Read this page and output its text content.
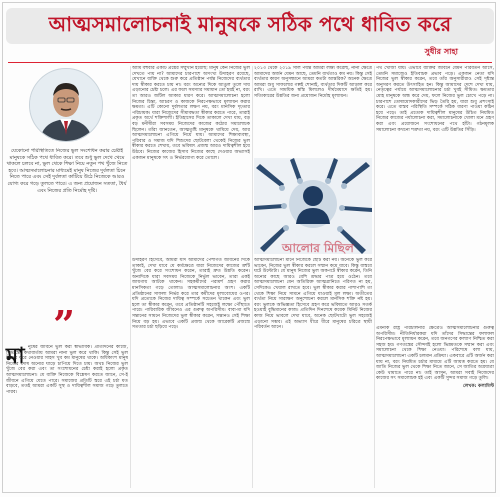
আত্মসমালোচনাই মানুষকে সঠিক পথে ধাবিত করে
সুধীর সাহা

যেকোনো পরিস্থিতিতে নিজের ভুল সংশোধন করার চেষ্টাই মানুষকে সঠিক পথে ধাবিত করে। তবে শুধু ভুল দেখে থেমে থাকলে চলবে না, ভুল থেকে শিক্ষা নিয়ে নতুন পথ খুঁজে নিতে হবে। আত্মসমালোচনার মাধ্যমেই মানুষ নিজের দুর্বলতা চিনে নিতে পারে এবং সেই দুর্বলতা কাটিয়ে উঠে নিজেকে আরও যোগ্য করে গড়ে তুলতে পারে। এ জন্য প্রয়োজন সততা, ধৈর্য এবং নিজের প্রতি নির্মোহ দৃষ্টি।

”
মা নুষের জীবনে ভুল করা স্বাভাবিক। প্রতিদিনের কাজে, সিদ্ধান্তে, কথাবার্তায় আমরা নানা ভুল করে থাকি। কিন্তু সেই ভুল স্বীকার করে নেওয়ার সাহস খুব কম মানুষের থাকে। অধিকাংশ মানুষ নিজের দোষ অন্যের ঘাড়ে চাপিয়ে দিতে চায়। অথচ নিজের ভুল খুঁজে বের করা এবং তা সংশোধনের চেষ্টা করাই হলো প্রকৃত আত্মসমালোচনা। যে ব্যক্তি নিজেকে বিশ্লেষণ করতে জানে, সে-ই জীবনে এগিয়ে যেতে পারে। সমাজের প্রতিটি স্তরে এই চর্চা যত বাড়বে, ততই আমরা একটি সুস্থ ও দায়িত্বশীল সমাজ গড়ে তুলতে পারব।

আমি বহুবার একটি প্রশ্নের সম্মুখীন হয়েছি: মানুষ কেন নিজের ভুল দেখতে পায় না? আমাদের চারপাশে অসংখ্য উদাহরণ রয়েছে, যেখানে ব্যক্তি থেকে শুরু করে প্রতিষ্ঠান পর্যন্ত নিজেদের ব্যর্থতার দায় স্বীকার করতে চায় না। বরং অন্যের দিকে আঙুল তুলে দায় এড়ানোর চেষ্টা চলে। এর ফলে সমস্যার সমাধান তো হয়ই না, বরং তা আরও জটিল আকার ধারণ করে। আত্মসমালোচনা হলো নিজের চিন্তা, আচরণ ও কাজকে নিরপেক্ষভাবে মূল্যায়ন করার ক্ষমতা। এটি কোনো দুর্বলতার লক্ষণ নয়, বরং মানসিক দৃঢ়তার পরিচায়ক। যারা নিজেদের সীমাবদ্ধতা স্বীকার করতে পারে, তারাই প্রকৃত অর্থে শক্তিশালী। ইতিহাসের দিকে তাকালে দেখা যায়, বড় বড় মনীষীরা সবসময় নিজেদের কাজের কঠোর সমালোচক ছিলেন। তাঁরা জানতেন, আত্মতুষ্টি মানুষকে থামিয়ে দেয়, আর আত্মসমালোচনা এগিয়ে নিয়ে যায়। আমাদের শিক্ষাব্যবস্থা, পরিবার ও সমাজ যদি শিশুদের ছোটবেলা থেকেই নিজের ভুল স্বীকার করতে শেখায়, তবে ভবিষ্যৎ প্রজন্ম আরও দায়িত্বশীল হয়ে উঠবে। নিজের কাজের হিসাব নিজের কাছে দেওয়ার অভ্যাসই একজন মানুষকে সৎ ও নির্ভরযোগ্য করে তোলে।

২০১৩ থেকে ২০১৯ সাল পর্যন্ত আমরা লক্ষ্য করেছি, নানা ক্ষেত্রে আমাদের অর্জন যেমন আছে, তেমনি ব্যর্থতাও কম নয়। কিন্তু সেই ব্যর্থতার কারণ অনুসন্ধানে আমরা কতটা আন্তরিক? অনেক ক্ষেত্রে আমরা শুধু সাফল্যের গল্পই শোনাই, ব্যর্থতার দিকটি আড়াল করে রাখি। এতে সাময়িক স্বস্তি মিললেও দীর্ঘমেয়াদে ক্ষতিই হয়। সত্যিকারের উন্নতির জন্য প্রয়োজন নির্মোহ মূল্যায়ন।

আলোর মিছিল

পথ খোঁজা যায়। এভাবে ব্যক্তির জীবনে যেমন পরিবর্তন আসে, তেমনি সমাজেও ইতিবাচক প্রভাব পড়ে। একজন নেতা যদি নিজের ভুল স্বীকার করেন, তবে তাঁর অনুসারীরাও সেই দৃষ্টান্ত অনুসরণ করতে উৎসাহিত হন। কিন্তু আমাদের দেশে দেখা যায়, নেতৃত্বের পর্যায়ে আত্মসমালোচনার চর্চা খুবই সীমিত। ক্ষমতার মোহ মানুষকে অন্ধ করে দেয়, ফলে নিজের ভুল চোখে পড়ে না। চারপাশে তোষামোদকারীদের ভিড় তৈরি হয়, যারা শুধু প্রশংসাই করে। এতে বাস্তব পরিস্থিতি সম্পর্কে সঠিক ধারণা পাওয়া কঠিন হয়ে পড়ে। তাই প্রত্যেক দায়িত্বশীল মানুষের উচিত নিয়মিত নিজের কাজের পর্যালোচনা করা, সমালোচনাকে খোলা মনে গ্রহণ করা এবং প্রয়োজনে সংশোধনের পথে হাঁটা। গঠনমূলক সমালোচনা কখনো শত্রুতা নয়, বরং এটি উন্নতির সিঁড়ি।

উদাহরণ হিসেবে, আমরা যদি আমাদের পেশাগত জীবনের দিকে তাকাই, দেখা যাবে যে কর্মক্ষেত্রে যারা নিজেদের কাজের ত্রুটি খুঁজে বের করে সংশোধন করেন, তারাই দ্রুত উন্নতি করেন। অন্যদিকে যারা সবসময় নিজেকে নির্ভুল ভাবেন, তারা একই জায়গায় আটকে থাকেন। সহকর্মীদের পরামর্শ গ্রহণ করার মানসিকতা গড়ে তোলাও আত্মসমালোচনার অংশ। একটি প্রতিষ্ঠানের সাফল্য নির্ভর করে তার কর্মীদের মূল্যবোধের ওপর। যদি প্রত্যেকে নিজের দায়িত্ব সম্পর্কে সচেতন থাকেন এবং ভুল হলে তা স্বীকার করেন, তবে প্রতিষ্ঠানটি সহজেই লক্ষ্যে পৌঁছাতে পারে। পারিবারিক জীবনেও এর গুরুত্ব অপরিসীম। বাবা-মা যদি সন্তানের সামনে নিজেদের ভুল স্বীকার করেন, সন্তানও সেই শিক্ষা নিয়ে বড় হয়। এভাবে একটি প্রজন্ম থেকে আরেকটি প্রজন্মে সততার চর্চা ছড়িয়ে পড়ে।

আত্মসমালোচনা মানে নিজেকে ছোট করা নয়। অনেকে ভুল করে ভাবেন, নিজের ভুল স্বীকার করলে সম্মান কমে যাবে। কিন্তু বাস্তবে ঘটে উল্টোটা। যে মানুষ নিজের ভুল অকপটে স্বীকার করেন, তিনি অন্যের কাছে আরও বেশি শ্রদ্ধার পাত্র হয়ে ওঠেন। তবে আত্মসমালোচনা যেন অতিরিক্ত আত্মগ্লানিতে পরিণত না হয়, সেদিকেও খেয়াল রাখতে হবে। ভুল স্বীকার করার পাশাপাশি তা থেকে শিক্ষা নিয়ে সামনে এগিয়ে যাওয়াই মূল লক্ষ্য। অতীতের ব্যর্থতা নিয়ে সারাক্ষণ অনুশোচনা করলে মানসিক শক্তি নষ্ট হয়। বরং ভুলকে অভিজ্ঞতা হিসেবে গ্রহণ করে ভবিষ্যতে আরও সতর্ক হওয়াই বুদ্ধিমানের কাজ। প্রতিদিন দিনশেষে কয়েক মিনিট নিজের কাজ নিয়ে ভাবলে দেখা যাবে, অনেক ছোটখাটো ভুল সহজেই এড়ানো সম্ভব। এই অভ্যাস ধীরে ধীরে মানুষের চরিত্রে স্থায়ী পরিবর্তন আনে।	এমনকি রাষ্ট্র পরিচালনার ক্ষেত্রেও আত্মসমালোচনার গুরুত্ব অপরিসীম। নীতিনির্ধারকরা যদি তাঁদের সিদ্ধান্তের ফলাফল নিরপেক্ষভাবে মূল্যায়ন করেন, তবে জনগণের কল্যাণ নিশ্চিত করা সহজ হয়। গণতন্ত্রের সৌন্দর্যই হলো ভিন্নমতকে সম্মান করা এবং সমালোচনা থেকে শিক্ষা নেওয়া। পরিশেষে বলা যায়, আত্মসমালোচনা একটি চলমান প্রক্রিয়া। একবারে এটি অর্জন করা যায় না, বরং নিয়মিত চর্চার মাধ্যমে এটি আয়ত্ত করতে হয়। যে জাতি নিজের ভুল থেকে শিক্ষা নিতে জানে, সে জাতির অগ্রযাত্রা কেউ থামাতে পারে না। তাই আসুন, আমরা সবাই নিজেদের কাজের সৎ সমালোচক হই এবং একটি সুন্দর সমাজ গড়ে তুলি।

লেখক: কলামিস্ট
